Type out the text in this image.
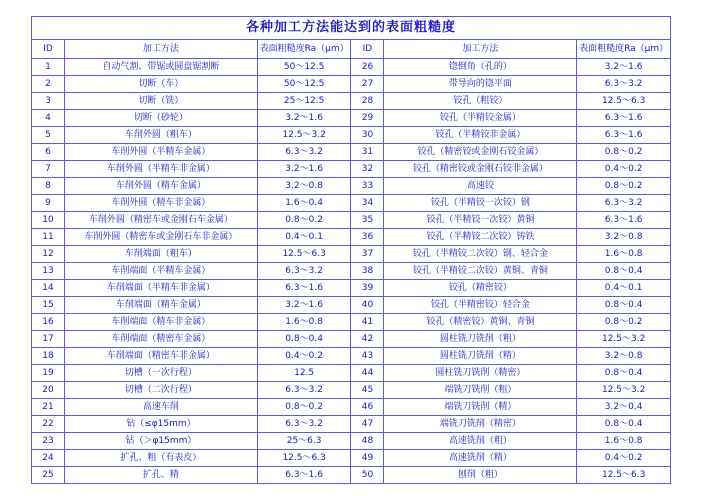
各种加工方法能达到的表面粗糙度					
ID	加工方法	表面粗糙度Ra（μm）	ID	加工方法	表面粗糙度Ra（μm）
1	自动气割、带锯或圆盘锯割断	50～12.5	26	锪倒角（孔的）	3.2～1.6
2	切断（车）	50～12.5	27	带导向的锪平面	6.3～3.2
3	切断（铣）	25～12.5	28	铰孔（粗铰）	12.5～6.3
4	切断（砂轮）	3.2～1.6	29	铰孔（半精铰金属）	6.3～1.6
5	车削外圆（粗车）	12.5～3.2	30	铰孔（半精铰非金属）	6.3～1.6
6	车削外圆（半精车金属）	6.3～3.2	31	铰孔（精密铰或金刚石铰金属）	0.8～0.2
7	车削外圆（半精车非金属）	3.2～1.6	32	铰孔（精密铰或金刚石铰非金属）	0.4～0.2
8	车削外圆（精车金属）	3.2～0.8	33	高速铰	0.8～0.2
9	车削外圆（精车非金属）	1.6～0.4	34	铰孔（半精铰一次铰）钢	6.3～3.2
10	车削外圆（精密车或金刚石车金属）	0.8～0.2	35	铰孔（半精铰一次铰）黄铜	6.3～1.6
11	车削外圆（精密车或金刚石车非金属）	0.4～0.1	36	铰孔（半精铰二次铰）铸铁	3.2～0.8
12	车削端面（粗车）	12.5～6.3	37	铰孔（半精铰二次铰）钢、轻合金	1.6～0.8
13	车削端面（半精车金属）	6.3～3.2	38	铰孔（半精铰二次铰）黄铜、青铜	0.8～0.4
14	车削端面（半精车非金属）	6.3～1.6	39	铰孔（精密铰）	0.4～0.1
15	车削端面（精车金属）	3.2～1.6	40	铰孔（半精密铰）轻合金	0.8～0.4
16	车削端面（精车非金属）	1.6～0.8	41	铰孔（精密铰）黄铜、青铜	0.8～0.2
17	车削端面（精密车金属）	0.8～0.4	42	圆柱铣刀铣削（粗）	12.5～3.2
18	车削端面（精密车非金属）	0.4～0.2	43	圆柱铣刀铣削（精）	3.2～0.8
19	切槽（一次行程）	12.5	44	圆柱铣刀铣削（精密）	0.8～0.4
20	切槽（二次行程）	6.3～3.2	45	端铣刀铣削（粗）	12.5～3.2
21	高速车削	0.8～0.2	46	端铣刀铣削（精）	3.2～0.4
22	钻（≤φ15mm）	6.3～3.2	47	端铣刀铣削（精密）	0.8～0.4
23	钻（＞φ15mm）	25～6.3	48	高速铣削（粗）	1.6～0.8
24	扩孔、粗（有表皮）	12.5～6.3	49	高速铣削（精）	0.4～0.2
25	扩孔、精	6.3～1.6	50	刨削（粗）	12.5～6.3
